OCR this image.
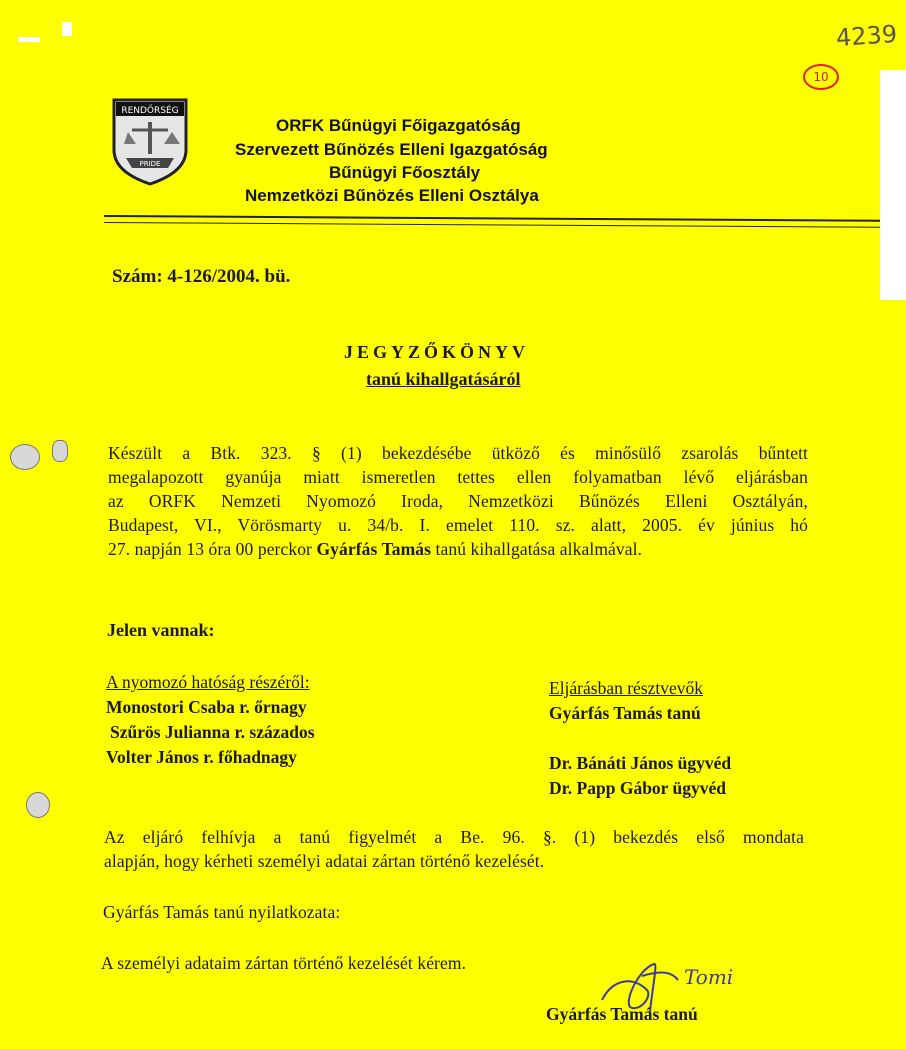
4239
10
RENDŐRSÉG
PRIDE
ORFK Bűnügyi Főigazgatóság
Szervezett Bűnözés Elleni Igazgatóság
Bűnügyi Főosztály
Nemzetközi Bűnözés Elleni Osztálya
Szám: 4-126/2004. bü.
JEGYZŐKÖNYV
tanú kihallgatásáról
Készült a Btk. 323. § (1) bekezdésébe ütköző és minősülő zsarolás bűntett
megalapozott gyanúja miatt ismeretlen tettes ellen folyamatban lévő eljárásban
az ORFK Nemzeti Nyomozó Iroda, Nemzetközi Bűnözés Elleni Osztályán,
Budapest, VI., Vörösmarty u. 34/b. I. emelet 110. sz. alatt, 2005. év június hó
27. napján 13 óra 00 perckor Gyárfás Tamás tanú kihallgatása alkalmával.
Jelen vannak:
A nyomozó hatóság részéről:
Monostori Csaba r. őrnagy
Szűrös Julianna r. százados
Volter János r. főhadnagy
Eljárásban résztvevők
Gyárfás Tamás tanú
Dr. Bánáti János ügyvéd
Dr. Papp Gábor ügyvéd
Az eljáró felhívja a tanú figyelmét a Be. 96. §. (1) bekezdés első mondata
alapján, hogy kérheti személyi adatai zártan történő kezelését.
Gyárfás Tamás tanú nyilatkozata:
A személyi adataim zártan történő kezelését kérem.
Tomi
Gyárfás Tamás tanú
